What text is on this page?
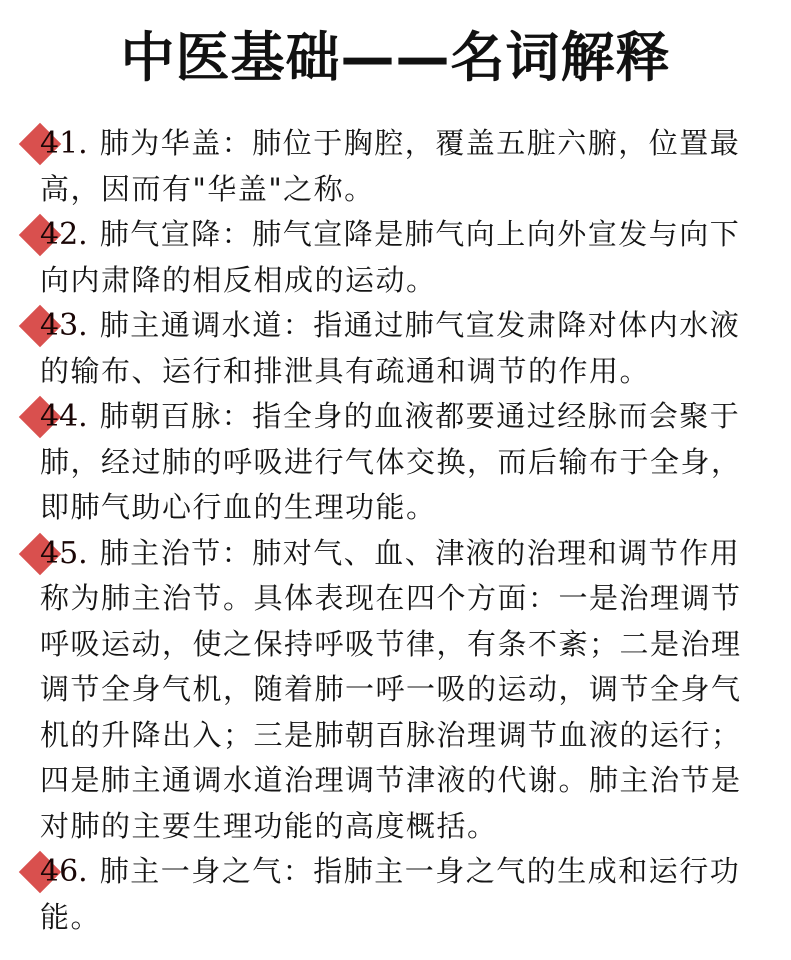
中医基础——名词解释
41. 肺为华盖：肺位于胸腔，覆盖五脏六腑，位置最高，因而有"华盖"之称。
42. 肺气宣降：肺气宣降是肺气向上向外宣发与向下向内肃降的相反相成的运动。
43. 肺主通调水道：指通过肺气宣发肃降对体内水液的输布、运行和排泄具有疏通和调节的作用。
44. 肺朝百脉：指全身的血液都要通过经脉而会聚于肺，经过肺的呼吸进行气体交换，而后输布于全身，即肺气助心行血的生理功能。
45. 肺主治节：肺对气、血、津液的治理和调节作用称为肺主治节。具体表现在四个方面：一是治理调节呼吸运动，使之保持呼吸节律，有条不紊；二是治理调节全身气机，随着肺一呼一吸的运动，调节全身气机的升降出入；三是肺朝百脉治理调节血液的运行；四是肺主通调水道治理调节津液的代谢。肺主治节是对肺的主要生理功能的高度概括。
46. 肺主一身之气：指肺主一身之气的生成和运行功能。
